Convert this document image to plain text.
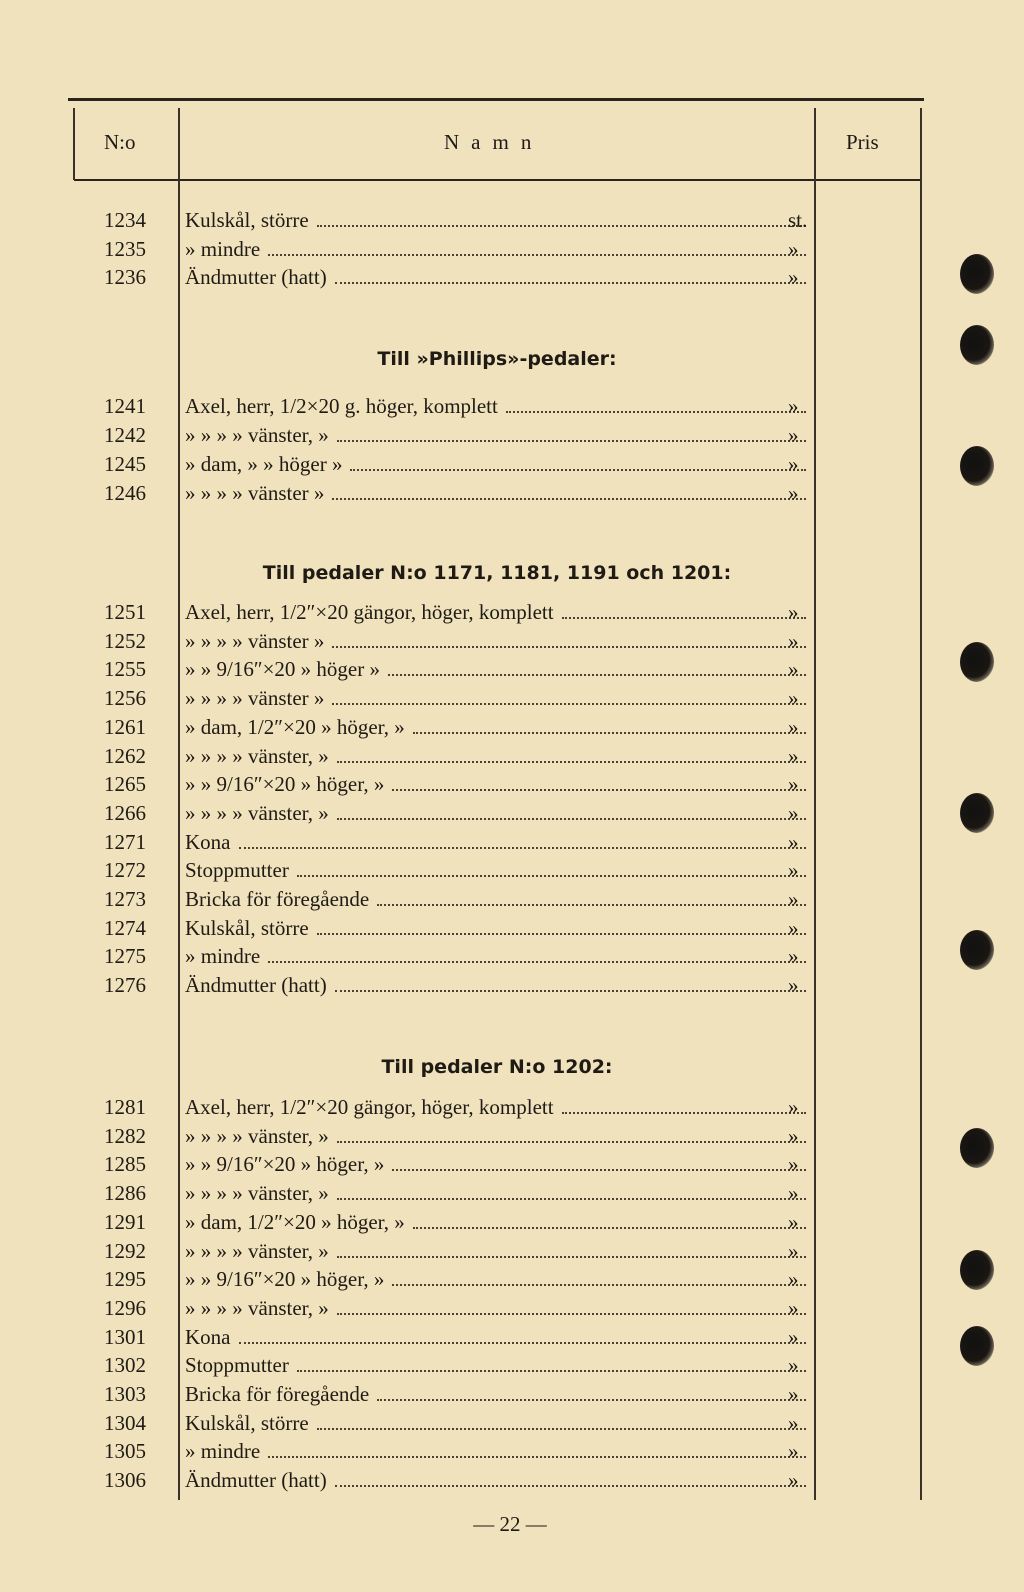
N:o	Namn	Pris
Till »Phillips»-pedaler:
Till pedaler N:o 1171, 1181, 1191 och 1201:
Till pedaler N:o 1202:
1234 Kulskål, större	st.
1235 » mindre	»
1236 Ändmutter (hatt)	»
1241 Axel, herr, 1/2×20 g. höger, komplett	»
1242 » » » » vänster, »	»
1245 » dam, » » höger »	»
1246 » » » » vänster »	»
1251 Axel, herr, 1/2″×20 gängor, höger, komplett	»
1252 » » » » vänster »	»
1255 » » 9/16″×20 » höger »	»
1256 » » » » vänster »	»
1261 » dam, 1/2″×20 » höger, »	»
1262 » » » » vänster, »	»
1265 » » 9/16″×20 » höger, »	»
1266 » » » » vänster, »	»
1271 Kona	»
1272 Stoppmutter	»
1273 Bricka för föregående	»
1274 Kulskål, större	»
1275 » mindre	»
1276 Ändmutter (hatt)	»
1281 Axel, herr, 1/2″×20 gängor, höger, komplett	»
1282 » » » » vänster, »	»
1285 » » 9/16″×20 » höger, »	»
1286 » » » » vänster, »	»
1291 » dam, 1/2″×20 » höger, »	»
1292 » » » » vänster, »	»
1295 » » 9/16″×20 » höger, »	»
1296 » » » » vänster, »	»
1301 Kona	»
1302 Stoppmutter	»
1303 Bricka för föregående	»
1304 Kulskål, större	»
1305 » mindre	»
1306 Ändmutter (hatt)	»
— 22 —
